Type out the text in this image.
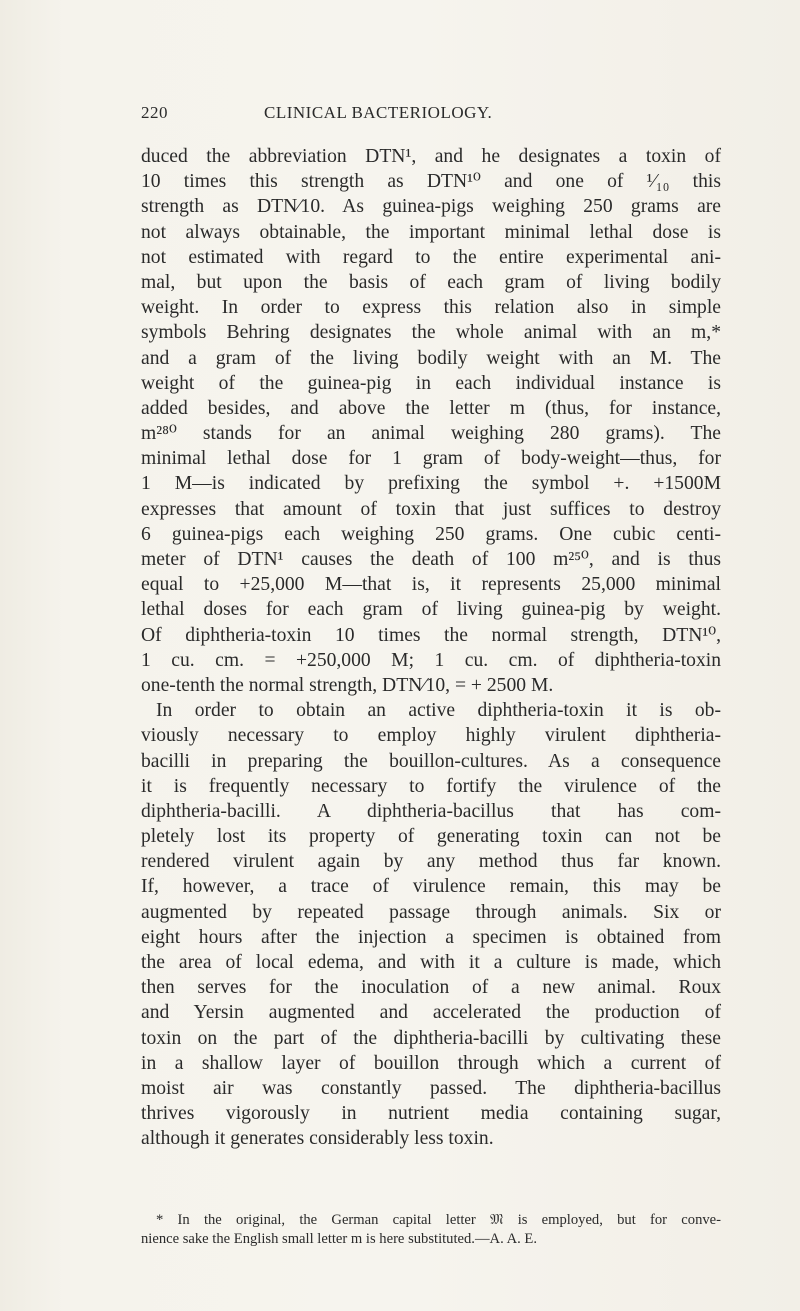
220	CLINICAL BACTERIOLOGY.
duced the abbreviation DTN¹, and he designates a toxin of
10 times this strength as DTN¹⁰ and one of ¹⁄₁₀ this
strength as DTN⁄10. As guinea-pigs weighing 250 grams are
not always obtainable, the important minimal lethal dose is
not estimated with regard to the entire experimental ani-
mal, but upon the basis of each gram of living bodily
weight. In order to express this relation also in simple
symbols Behring designates the whole animal with an m,*
and a gram of the living bodily weight with an M. The
weight of the guinea-pig in each individual instance is
added besides, and above the letter m (thus, for instance,
m²⁸⁰ stands for an animal weighing 280 grams). The
minimal lethal dose for 1 gram of body-weight—thus, for
1 M—is indicated by prefixing the symbol +. +1500M
expresses that amount of toxin that just suffices to destroy
6 guinea-pigs each weighing 250 grams. One cubic centi-
meter of DTN¹ causes the death of 100 m²⁵⁰, and is thus
equal to +25,000 M—that is, it represents 25,000 minimal
lethal doses for each gram of living guinea-pig by weight.
Of diphtheria-toxin 10 times the normal strength, DTN¹⁰,
1 cu. cm. = +250,000 M; 1 cu. cm. of diphtheria-toxin
one-tenth the normal strength, DTN⁄10, = + 2500 M.
In order to obtain an active diphtheria-toxin it is ob-
viously necessary to employ highly virulent diphtheria-
bacilli in preparing the bouillon-cultures. As a consequence
it is frequently necessary to fortify the virulence of the
diphtheria-bacilli. A diphtheria-bacillus that has com-
pletely lost its property of generating toxin can not be
rendered virulent again by any method thus far known.
If, however, a trace of virulence remain, this may be
augmented by repeated passage through animals. Six or
eight hours after the injection a specimen is obtained from
the area of local edema, and with it a culture is made, which
then serves for the inoculation of a new animal. Roux
and Yersin augmented and accelerated the production of
toxin on the part of the diphtheria-bacilli by cultivating these
in a shallow layer of bouillon through which a current of
moist air was constantly passed. The diphtheria-bacillus
thrives vigorously in nutrient media containing sugar,
although it generates considerably less toxin.
* In the original, the German capital letter 𝔐 is employed, but for conve-
nience sake the English small letter m is here substituted.—A. A. E.
